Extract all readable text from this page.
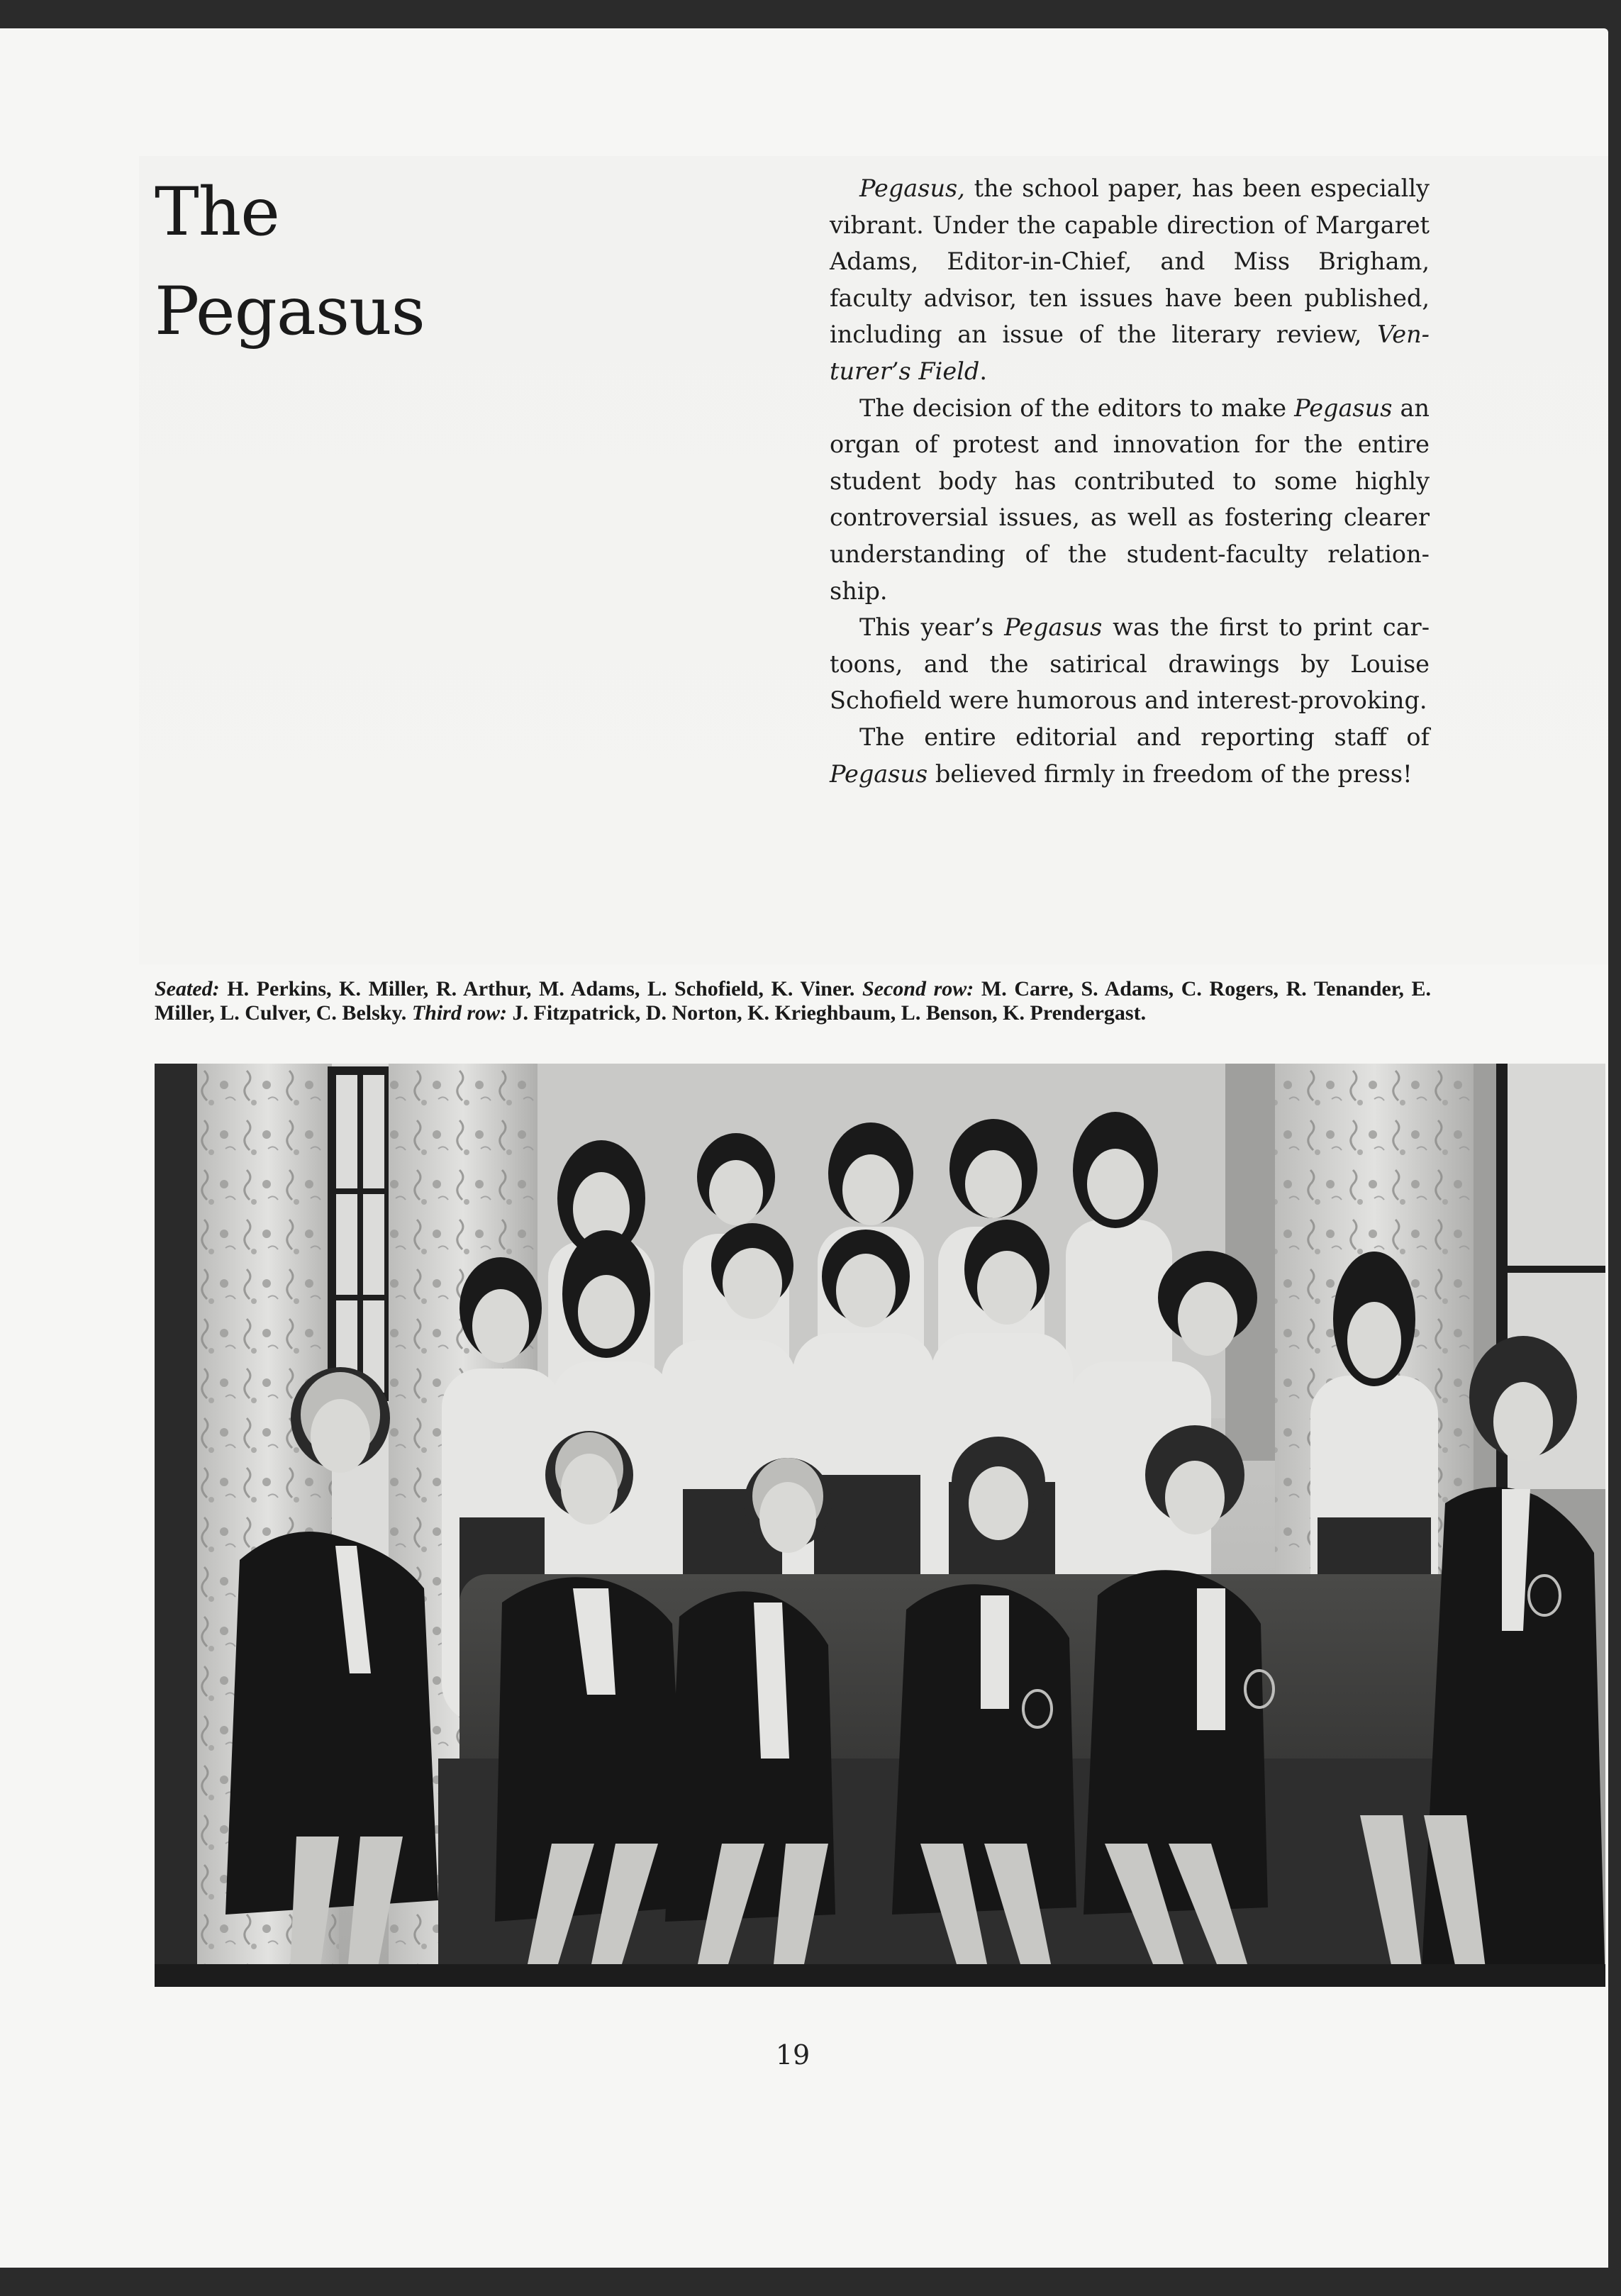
The
Pegasus

Pegasus, the school paper, has been especially vibrant. Under the capable direction of Margaret Adams, Editor-in-Chief, and Miss Brigham, faculty advisor, ten issues have been published, including an issue of the literary review, Venturer’s Field.

The decision of the editors to make Pegasus an organ of protest and innovation for the entire student body has contributed to some highly controversial issues, as well as fostering clearer understanding of the student-faculty relationship.

This year’s Pegasus was the first to print cartoons, and the satirical drawings by Louise Schofield were humorous and interest-provoking.

The entire editorial and reporting staff of Pegasus believed firmly in freedom of the press!

Seated: H. Perkins, K. Miller, R. Arthur, M. Adams, L. Schofield, K. Viner. Second row: M. Carre, S. Adams, C. Rogers, R. Tenander, E. Miller, L. Culver, C. Belsky. Third row: J. Fitzpatrick, D. Norton, K. Krieghbaum, L. Benson, K. Prendergast.
19
